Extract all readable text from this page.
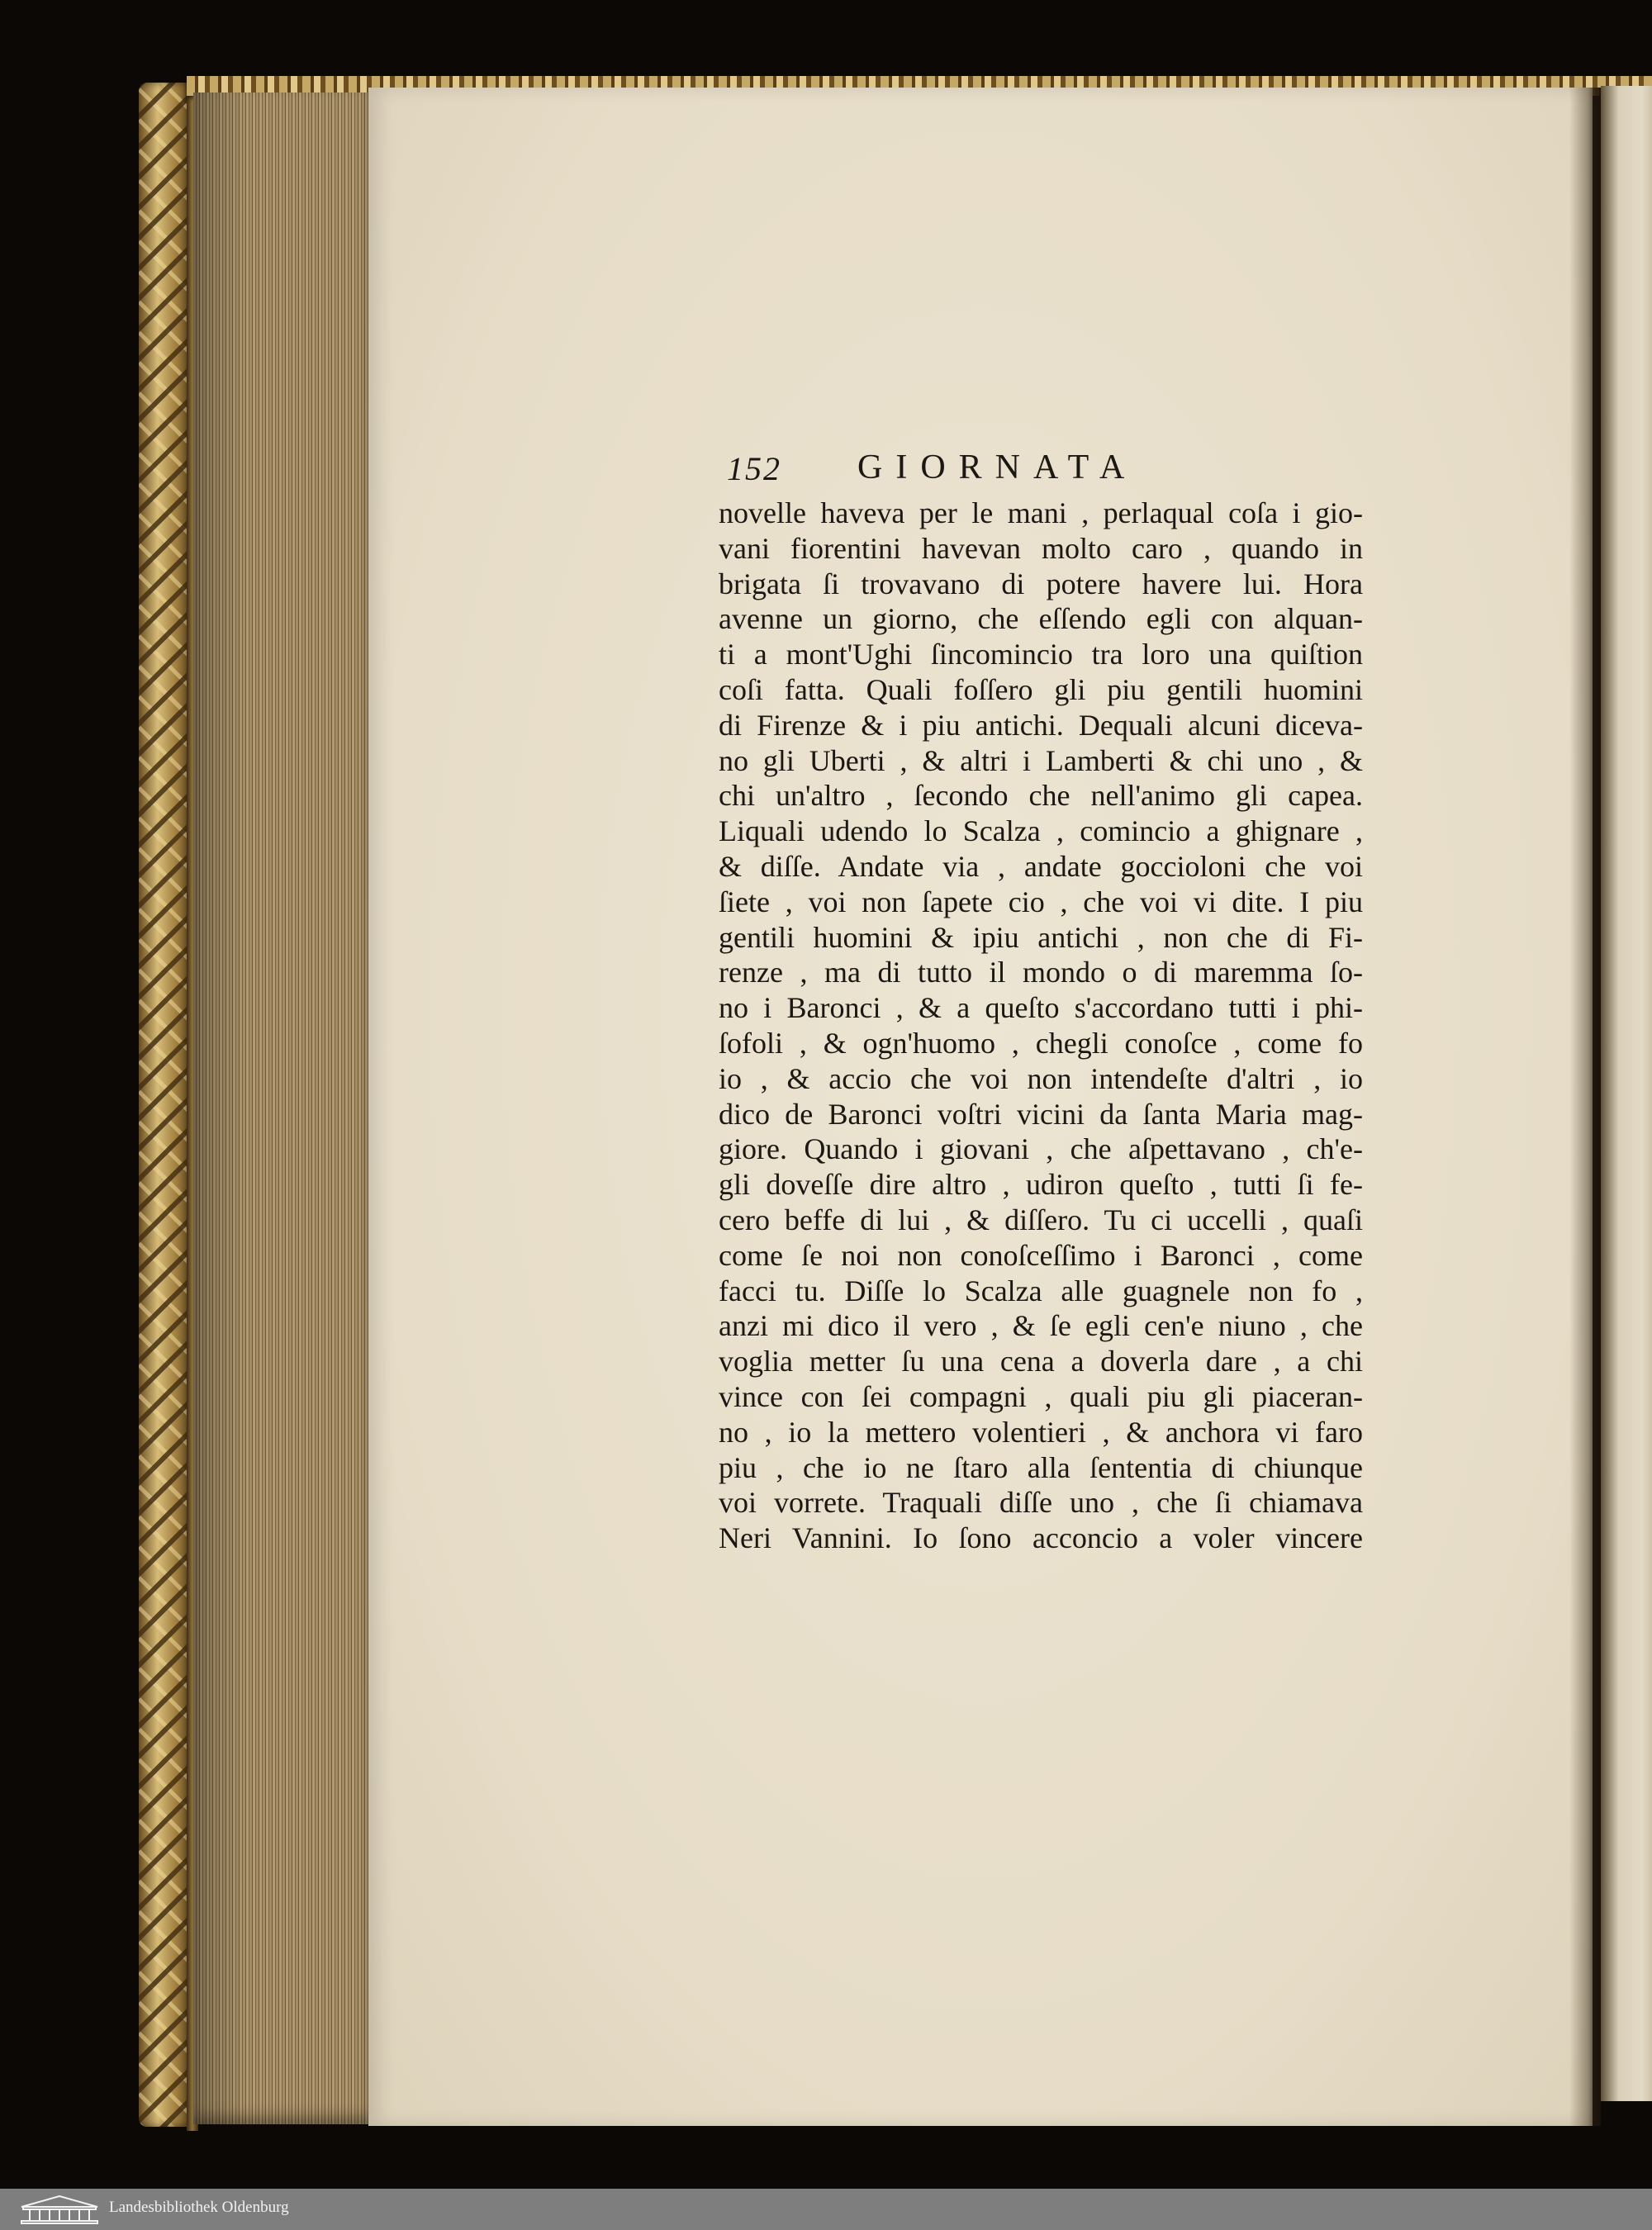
152 GIORNATA
novelle haveva per le mani , perlaqual coſa i gio-
vani fiorentini havevan molto caro , quando in
brigata ſi trovavano di potere havere lui. Hora
avenne un giorno, che eſſendo egli con alquan-
ti a mont'Ughi ſincomincio tra loro una quiſtion
coſi fatta. Quali foſſero gli piu gentili huomini
di Firenze & i piu antichi. Dequali alcuni diceva-
no gli Uberti , & altri i Lamberti & chi uno , &
chi un'altro , ſecondo che nell'animo gli capea.
Liquali udendo lo Scalza , comincio a ghignare ,
& diſſe. Andate via , andate goccioloni che voi
ſiete , voi non ſapete cio , che voi vi dite. I piu
gentili huomini & ipiu antichi , non che di Fi-
renze , ma di tutto il mondo o di maremma ſo-
no i Baronci , & a queſto s'accordano tutti i phi-
ſofoli , & ogn'huomo , chegli conoſce , come fo
io , & accio che voi non intendeſte d'altri , io
dico de Baronci voſtri vicini da ſanta Maria mag-
giore. Quando i giovani , che aſpettavano , ch'e-
gli doveſſe dire altro , udiron queſto , tutti ſi fe-
cero beffe di lui , & diſſero. Tu ci uccelli , quaſi
come ſe noi non conoſceſſimo i Baronci , come
facci tu. Diſſe lo Scalza alle guagnele non fo ,
anzi mi dico il vero , & ſe egli cen'e niuno , che
voglia metter ſu una cena a doverla dare , a chi
vince con ſei compagni , quali piu gli piaceran-
no , io la mettero volentieri , & anchora vi faro
piu , che io ne ſtaro alla ſententia di chiunque
voi vorrete. Traquali diſſe uno , che ſi chiamava
Neri Vannini. Io ſono acconcio a voler vincere
Landesbibliothek Oldenburg
